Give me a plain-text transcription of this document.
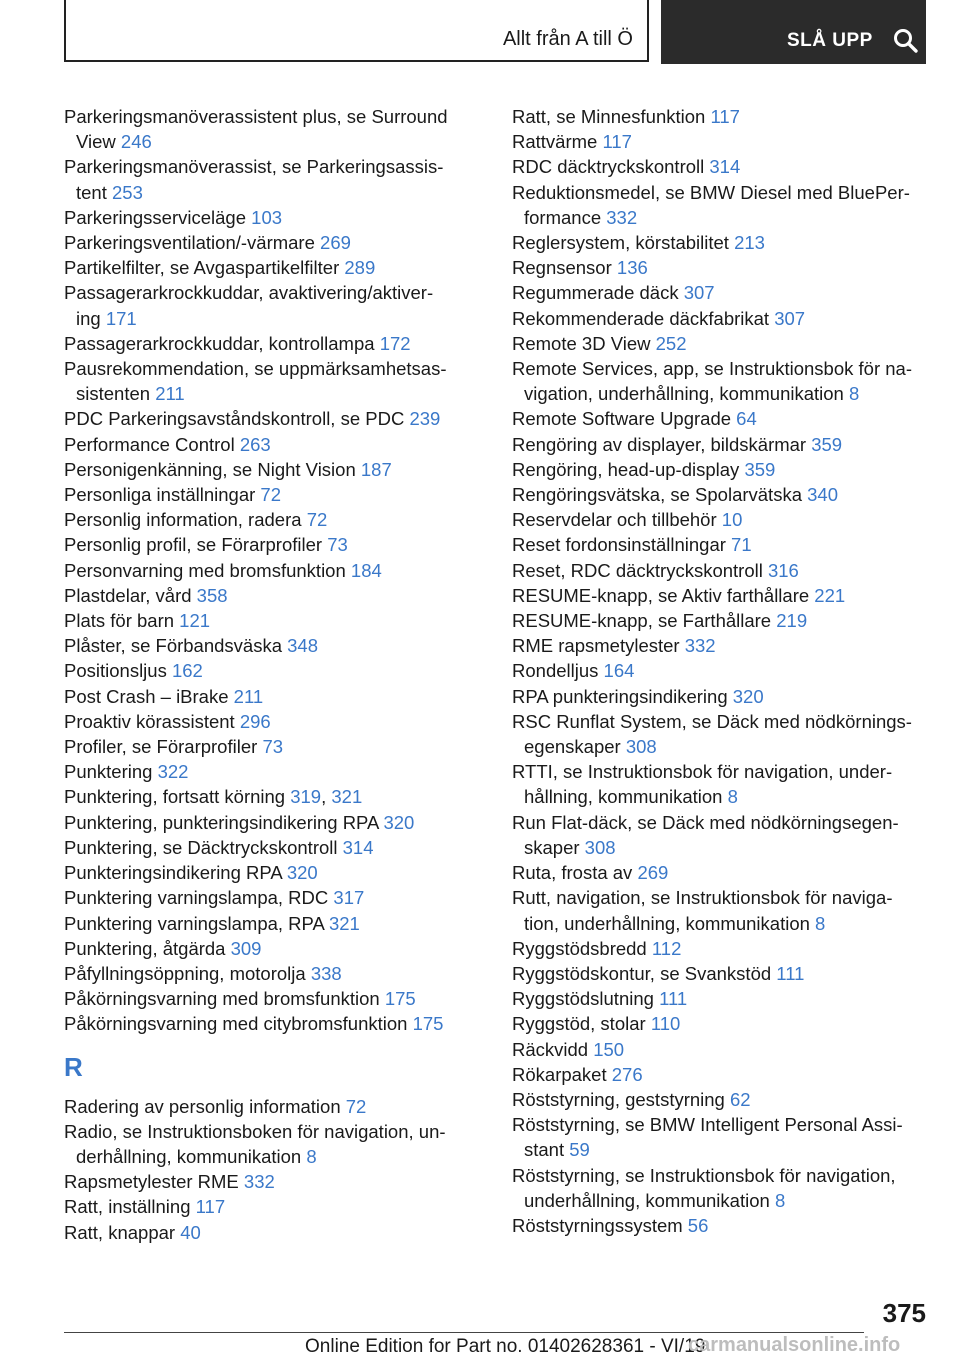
Allt från A till Ö	SLÅ UPP
Parkeringsmanöverassistent plus, se Surround
View 246
Parkeringsmanöverassist, se Parkeringsassis-
tent 253
Parkeringsserviceläge 103
Parkeringsventilation/-värmare 269
Partikelfilter, se Avgaspartikelfilter 289
Passagerarkrockkuddar, avaktivering/aktiver-
ing 171
Passagerarkrockkuddar, kontrollampa 172
Pausrekommendation, se uppmärksamhetsas-
sistenten 211
PDC Parkeringsavståndskontroll, se PDC 239
Performance Control 263
Personigenkänning, se Night Vision 187
Personliga inställningar 72
Personlig information, radera 72
Personlig profil, se Förarprofiler 73
Personvarning med bromsfunktion 184
Plastdelar, vård 358
Plats för barn 121
Plåster, se Förbandsväska 348
Positionsljus 162
Post Crash – iBrake 211
Proaktiv körassistent 296
Profiler, se Förarprofiler 73
Punktering 322
Punktering, fortsatt körning 319, 321
Punktering, punkteringsindikering RPA 320
Punktering, se Däcktryckskontroll 314
Punkteringsindikering RPA 320
Punktering varningslampa, RDC 317
Punktering varningslampa, RPA 321
Punktering, åtgärda 309
Påfyllningsöppning, motorolja 338
Påkörningsvarning med bromsfunktion 175
Påkörningsvarning med citybromsfunktion 175
R
Radering av personlig information 72
Radio, se Instruktionsboken för navigation, un-
derhållning, kommunikation 8
Rapsmetylester RME 332
Ratt, inställning 117
Ratt, knappar 40
Ratt, se Minnesfunktion 117
Rattvärme 117
RDC däcktryckskontroll 314
Reduktionsmedel, se BMW Diesel med BluePer-
formance 332
Reglersystem, körstabilitet 213
Regnsensor 136
Regummerade däck 307
Rekommenderade däckfabrikat 307
Remote 3D View 252
Remote Services, app, se Instruktionsbok för na-
vigation, underhållning, kommunikation 8
Remote Software Upgrade 64
Rengöring av displayer, bildskärmar 359
Rengöring, head-up-display 359
Rengöringsvätska, se Spolarvätska 340
Reservdelar och tillbehör 10
Reset fordonsinställningar 71
Reset, RDC däcktryckskontroll 316
RESUME-knapp, se Aktiv farthållare 221
RESUME-knapp, se Farthållare 219
RME rapsmetylester 332
Rondelljus 164
RPA punkteringsindikering 320
RSC Runflat System, se Däck med nödkörnings-
egenskaper 308
RTTI, se Instruktionsbok för navigation, under-
hållning, kommunikation 8
Run Flat-däck, se Däck med nödkörningsegen-
skaper 308
Ruta, frosta av 269
Rutt, navigation, se Instruktionsbok för naviga-
tion, underhållning, kommunikation 8
Ryggstödsbredd 112
Ryggstödskontur, se Svankstöd 111
Ryggstödslutning 111
Ryggstöd, stolar 110
Räckvidd 150
Rökarpaket 276
Röststyrning, geststyrning 62
Röststyrning, se BMW Intelligent Personal Assi-
stant 59
Röststyrning, se Instruktionsbok för navigation,
underhållning, kommunikation 8
Röststyrningssystem 56
375
Online Edition for Part no. 01402628361 - VI/19
carmanualsonline.info
